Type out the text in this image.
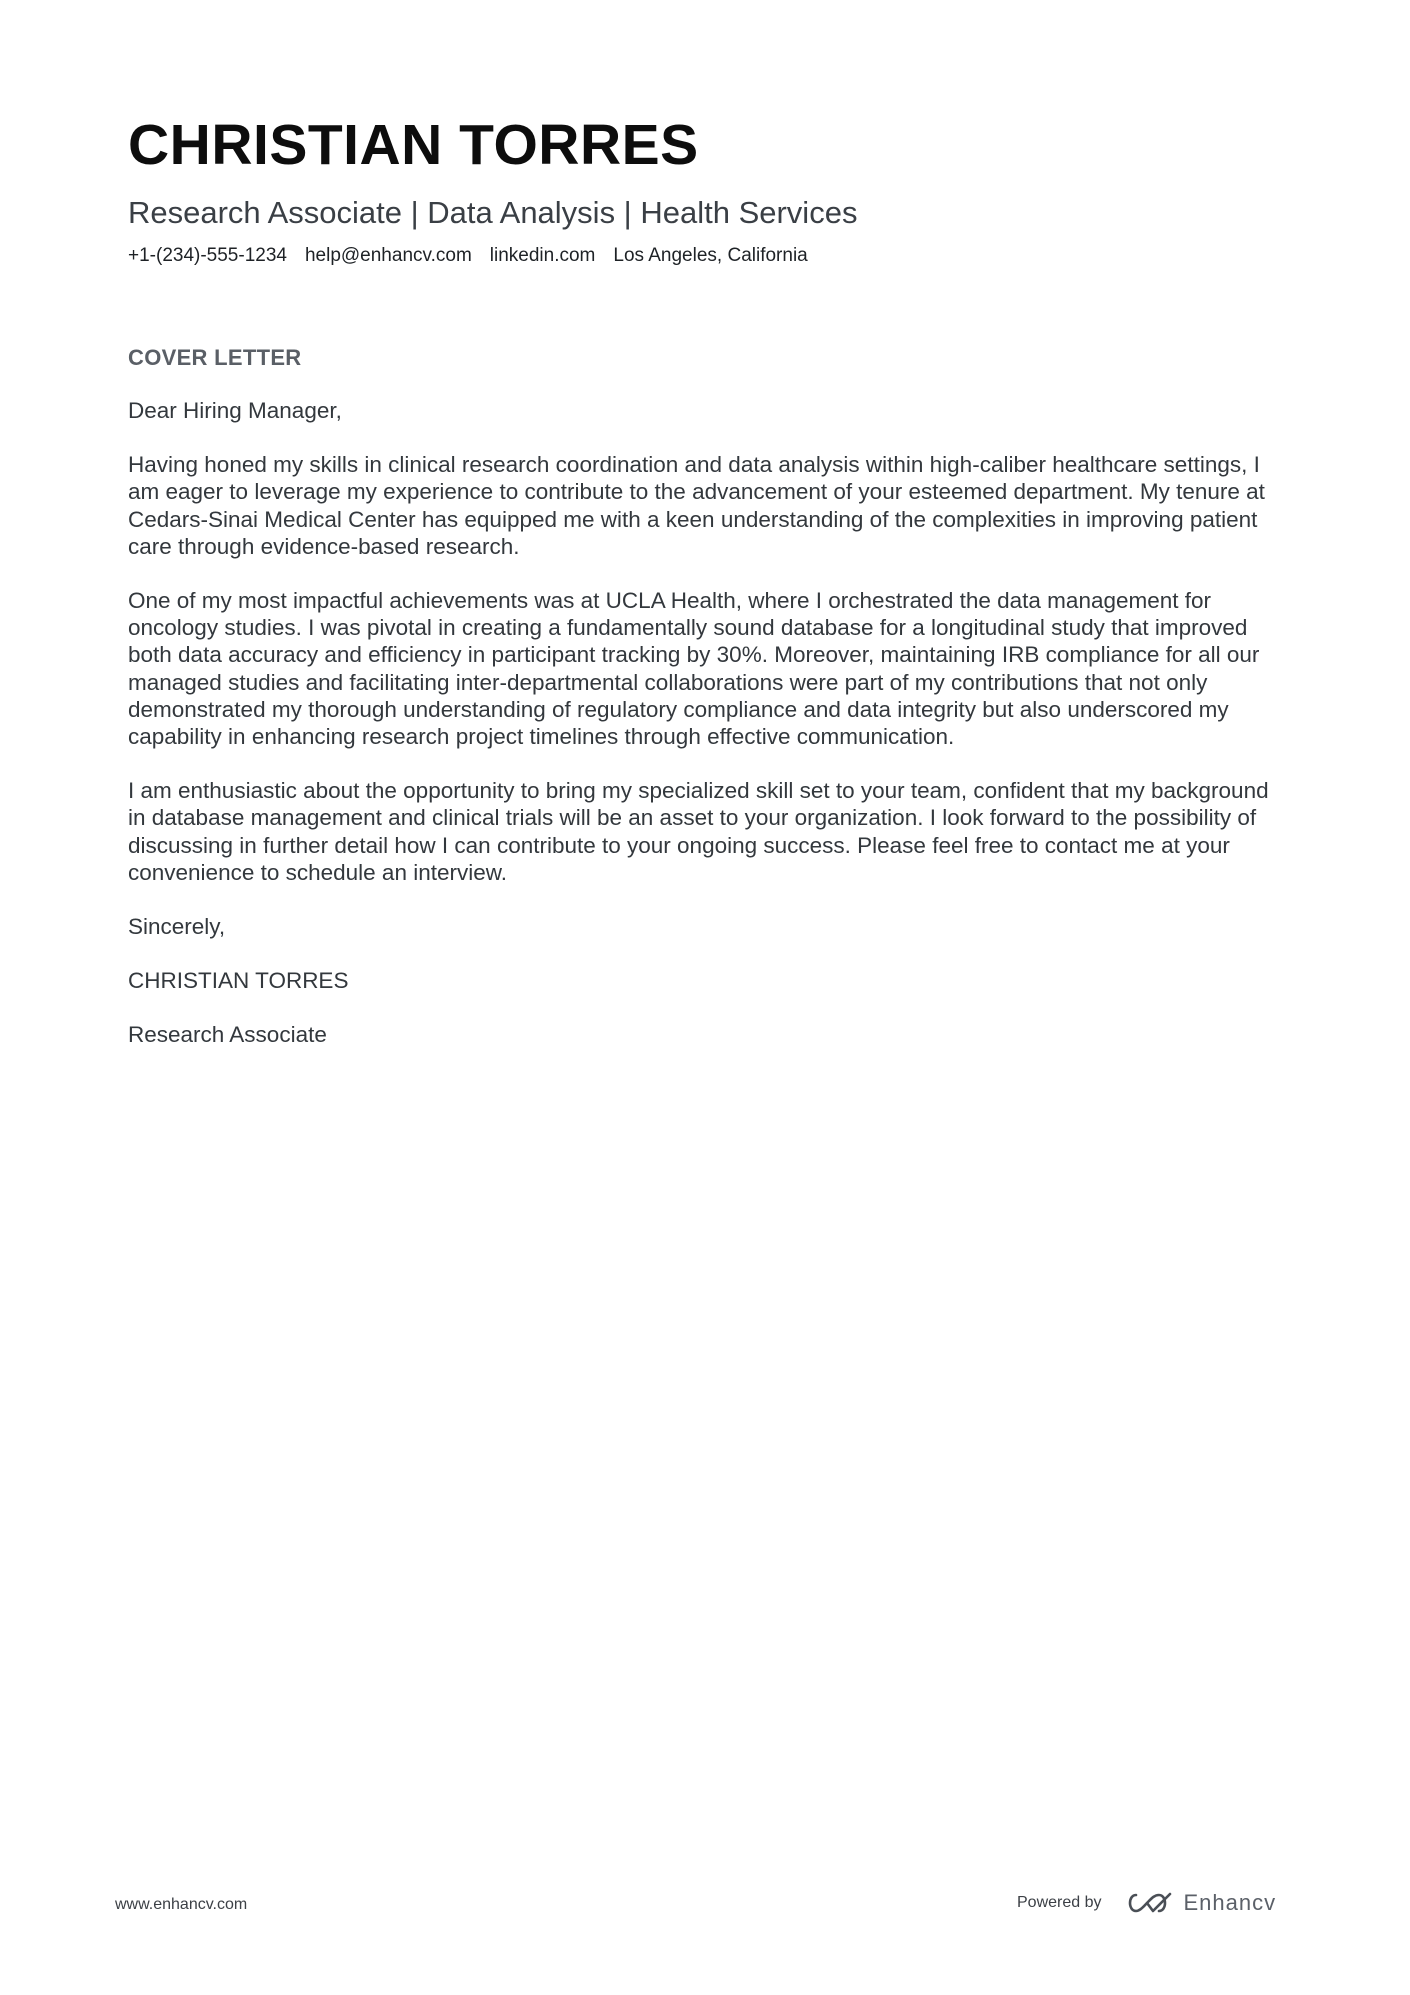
CHRISTIAN TORRES
Research Associate | Data Analysis | Health Services
+1-(234)-555-1234 help@enhancv.com linkedin.com Los Angeles, California
COVER LETTER

Dear Hiring Manager,

Having honed my skills in clinical research coordination and data analysis within high-caliber healthcare settings, I am eager to leverage my experience to contribute to the advancement of your esteemed department. My tenure at Cedars-Sinai Medical Center has equipped me with a keen understanding of the complexities in improving patient care through evidence-based research.

One of my most impactful achievements was at UCLA Health, where I orchestrated the data management for oncology studies. I was pivotal in creating a fundamentally sound database for a longitudinal study that improved both data accuracy and efficiency in participant tracking by 30%. Moreover, maintaining IRB compliance for all our managed studies and facilitating inter-departmental collaborations were part of my contributions that not only demonstrated my thorough understanding of regulatory compliance and data integrity but also underscored my capability in enhancing research project timelines through effective communication.

I am enthusiastic about the opportunity to bring my specialized skill set to your team, confident that my background in database management and clinical trials will be an asset to your organization. I look forward to the possibility of discussing in further detail how I can contribute to your ongoing success. Please feel free to contact me at your convenience to schedule an interview.

Sincerely,

CHRISTIAN TORRES

Research Associate

www.enhancv.com	Powered by	Enhancv
